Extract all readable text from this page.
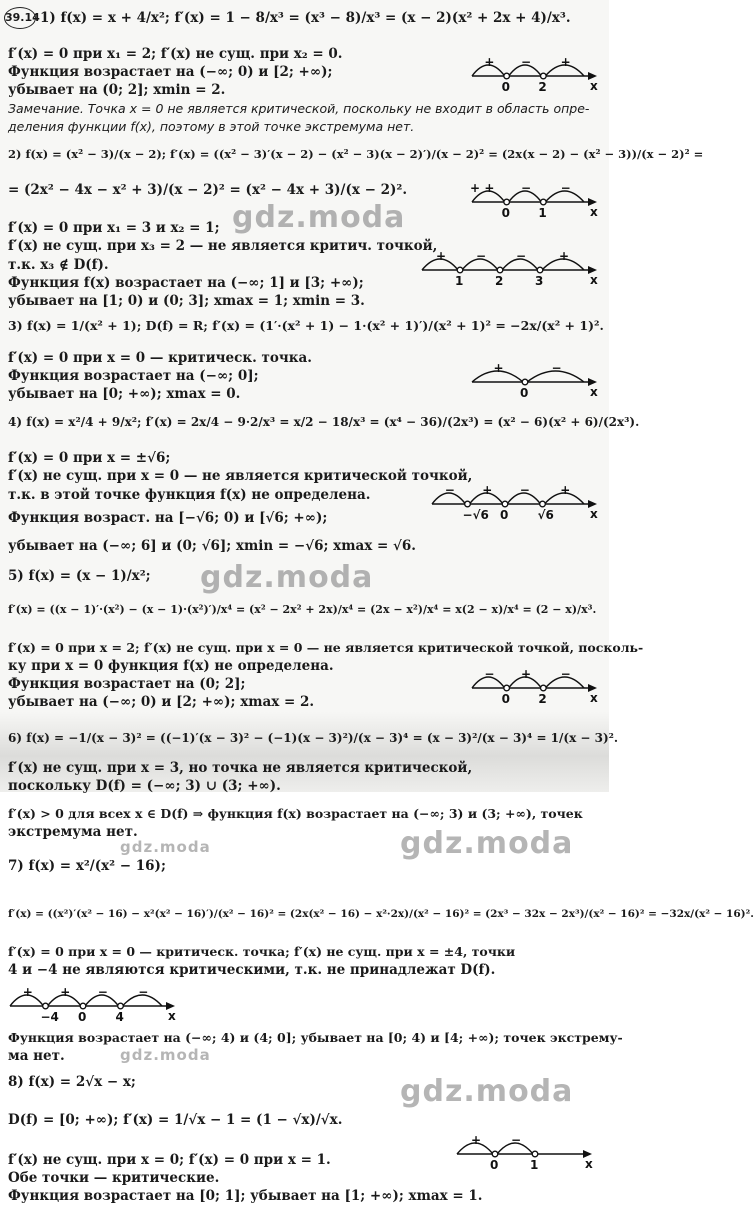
39.14 1) f(x) = x + 4/x²; f′(x) = 1 − 8/x³ = (x³ − 8)/x³ = (x − 2)(x² + 2x + 4)/x³.
f′(x) = 0 при x₁ = 2; f′(x) не сущ. при x₂ = 0.
Функция возрастает на (−∞; 0) и [2; +∞);
убывает на (0; 2]; xmin = 2.
Замечание. Точка x = 0 не является критической, поскольку не входит в область опре-
деления функции f(x), поэтому в этой точке экстремума нет.
2) f(x) = (x² − 3)/(x − 2); f′(x) = ((x² − 3)′(x − 2) − (x² − 3)(x − 2)′)/(x − 2)² = (2x(x − 2) − (x² − 3))/(x − 2)² =
= (2x² − 4x − x² + 3)/(x − 2)² = (x² − 4x + 3)/(x − 2)².
f′(x) = 0 при x₁ = 3 и x₂ = 1;
f′(x) не сущ. при x₃ = 2 — не является критич. точкой,
т.к. x₃ ∉ D(f).
Функция f(x) возрастает на (−∞; 1] и [3; +∞);
убывает на [1; 0) и (0; 3]; xmax = 1; xmin = 3.
3) f(x) = 1/(x² + 1); D(f) = R; f′(x) = (1′·(x² + 1) − 1·(x² + 1)′)/(x² + 1)² = −2x/(x² + 1)².
f′(x) = 0 при x = 0 — критическ. точка.
Функция возрастает на (−∞; 0];
убывает на [0; +∞); xmax = 0.
4) f(x) = x²/4 + 9/x²; f′(x) = 2x/4 − 9·2/x³ = x/2 − 18/x³ = (x⁴ − 36)/(2x³) = (x² − 6)(x² + 6)/(2x³).
f′(x) = 0 при x = ±√6;
f′(x) не сущ. при x = 0 — не является критической точкой,
т.к. в этой точке функция f(x) не определена.
Функция возраст. на [−√6; 0) и [√6; +∞);
убывает на (−∞; 6] и (0; √6]; xmin = −√6; xmax = √6.
5) f(x) = (x − 1)/x²;
f′(x) = ((x − 1)′·(x²) − (x − 1)·(x²)′)/x⁴ = (x² − 2x² + 2x)/x⁴ = (2x − x²)/x⁴ = x(2 − x)/x⁴ = (2 − x)/x³.
f′(x) = 0 при x = 2; f′(x) не сущ. при x = 0 — не является критической точкой, посколь-
ку при x = 0 функция f(x) не определена.
Функция возрастает на (0; 2];
убывает на (−∞; 0) и [2; +∞); xmax = 2.
6) f(x) = −1/(x − 3)² = ((−1)′(x − 3)² − (−1)(x − 3)²)/(x − 3)⁴ = (x − 3)²/(x − 3)⁴ = 1/(x − 3)².
f′(x) не сущ. при x = 3, но точка не является критической,
поскольку D(f) = (−∞; 3) ∪ (3; +∞).
f′(x) > 0 для всех x ∈ D(f) ⇒ функция f(x) возрастает на (−∞; 3) и (3; +∞), точек
экстремума нет.
7) f(x) = x²/(x² − 16);
f′(x) = ((x²)′(x² − 16) − x²(x² − 16)′)/(x² − 16)² = (2x(x² − 16) − x²·2x)/(x² − 16)² = (2x³ − 32x − 2x³)/(x² − 16)² = −32x/(x² − 16)².
f′(x) = 0 при x = 0 — критическ. точка; f′(x) не сущ. при x = ±4, точки
4 и −4 не являются критическими, т.к. не принадлежат D(f).
Функция возрастает на (−∞; 4) и (4; 0]; убывает на [0; 4) и [4; +∞); точек экстрему-
ма нет.
8) f(x) = 2√x − x;
D(f) = [0; +∞); f′(x) = 1/√x − 1 = (1 − √x)/√x.
f′(x) не сущ. при x = 0; f′(x) = 0 при x = 1.
Обе точки — критические.
Функция возрастает на [0; 1]; убывает на [1; +∞); xmax = 1.
gdz.moda
gdz.moda
gdz.moda
gdz.moda
gdz.moda
gdz.moda
x
+ − +
0 2
x
+ − −
+
0 1
x
+ − −	+
1	2	3
x
+	−
0
x
− + −	+
−√6 0 √6
x
− + −
0 2
x
+ + −	−
−4 0 4
x
+ −
0	1
